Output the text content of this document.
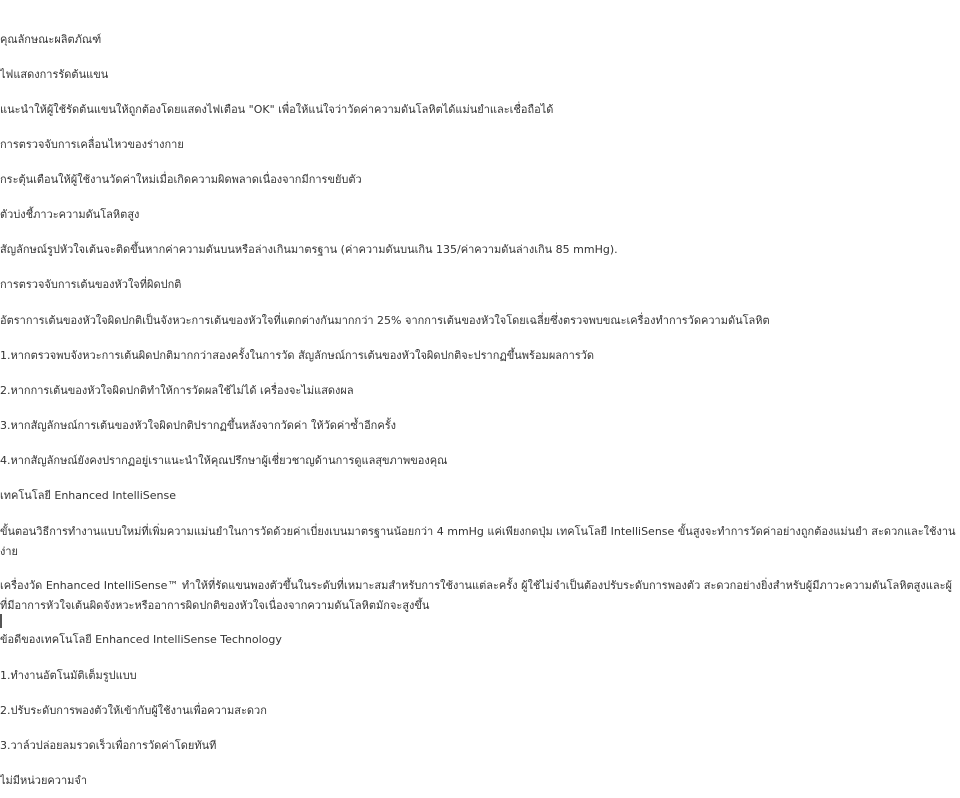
คุณลักษณะผลิตภัณฑ์

ไฟแสดงการรัดต้นแขน

แนะนำให้ผู้ใช้รัดต้นแขนให้ถูกต้องโดยแสดงไฟเตือน "OK" เพื่อให้แน่ใจว่าวัดค่าความดันโลหิตได้แม่นยำและเชื่อถือได้

การตรวจจับการเคลื่อนไหวของร่างกาย

กระตุ้นเตือนให้ผู้ใช้งานวัดค่าใหม่เมื่อเกิดความผิดพลาดเนื่องจากมีการขยับตัว

ตัวบ่งชี้ภาวะความดันโลหิตสูง

สัญลักษณ์รูปหัวใจเต้นจะติดขึ้นหากค่าความดันบนหรือล่างเกินมาตรฐาน (ค่าความดันบนเกิน 135/ค่าความดันล่างเกิน 85 mmHg).

การตรวจจับการเต้นของหัวใจที่ผิดปกติ

อัตราการเต้นของหัวใจผิดปกติเป็นจังหวะการเต้นของหัวใจที่แตกต่างกันมากกว่า 25% จากการเต้นของหัวใจโดยเฉลี่ยซึ่งตรวจพบขณะเครื่องทำการวัดความดันโลหิต

1.หากตรวจพบจังหวะการเต้นผิดปกติมากกว่าสองครั้งในการวัด สัญลักษณ์การเต้นของหัวใจผิดปกติจะปรากฏขึ้นพร้อมผลการวัด

2.หากการเต้นของหัวใจผิดปกติทำให้การวัดผลใช้ไม่ได้ เครื่องจะไม่แสดงผล

3.หากสัญลักษณ์การเต้นของหัวใจผิดปกติปรากฏขึ้นหลังจากวัดค่า ให้วัดค่าซ้ำอีกครั้ง

4.หากสัญลักษณ์ยังคงปรากฏอยู่เราแนะนำให้คุณปรึกษาผู้เชี่ยวชาญด้านการดูแลสุขภาพของคุณ

เทคโนโลยี Enhanced IntelliSense

ขั้นตอนวิธีการทำงานแบบใหม่ที่เพิ่มความแม่นยำในการวัดด้วยค่าเบี่ยงเบนมาตรฐานน้อยกว่า 4 mmHg แค่เพียงกดปุ่ม เทคโนโลยี IntelliSense ขั้นสูงจะทำการวัดค่าอย่างถูกต้องแม่นยำ สะดวกและใช้งานง่าย

เครื่องวัด Enhanced IntelliSense™ ทำให้ที่รัดแขนพองตัวขึ้นในระดับที่เหมาะสมสำหรับการใช้งานแต่ละครั้ง ผู้ใช้ไม่จำเป็นต้องปรับระดับการพองตัว สะดวกอย่างยิ่งสำหรับผู้มีภาวะความดันโลหิตสูงและผู้ที่มีอาการหัวใจเต้นผิดจังหวะหรืออาการผิดปกติของหัวใจเนื่องจากความดันโลหิตมักจะสูงขึ้น

ข้อดีของเทคโนโลยี Enhanced IntelliSense Technology

1.ทำงานอัตโนมัติเต็มรูปแบบ

2.ปรับระดับการพองตัวให้เข้ากับผู้ใช้งานเพื่อความสะดวก

3.วาล์วปล่อยลมรวดเร็วเพื่อการวัดค่าโดยทันที

ไม่มีหน่วยความจำ
